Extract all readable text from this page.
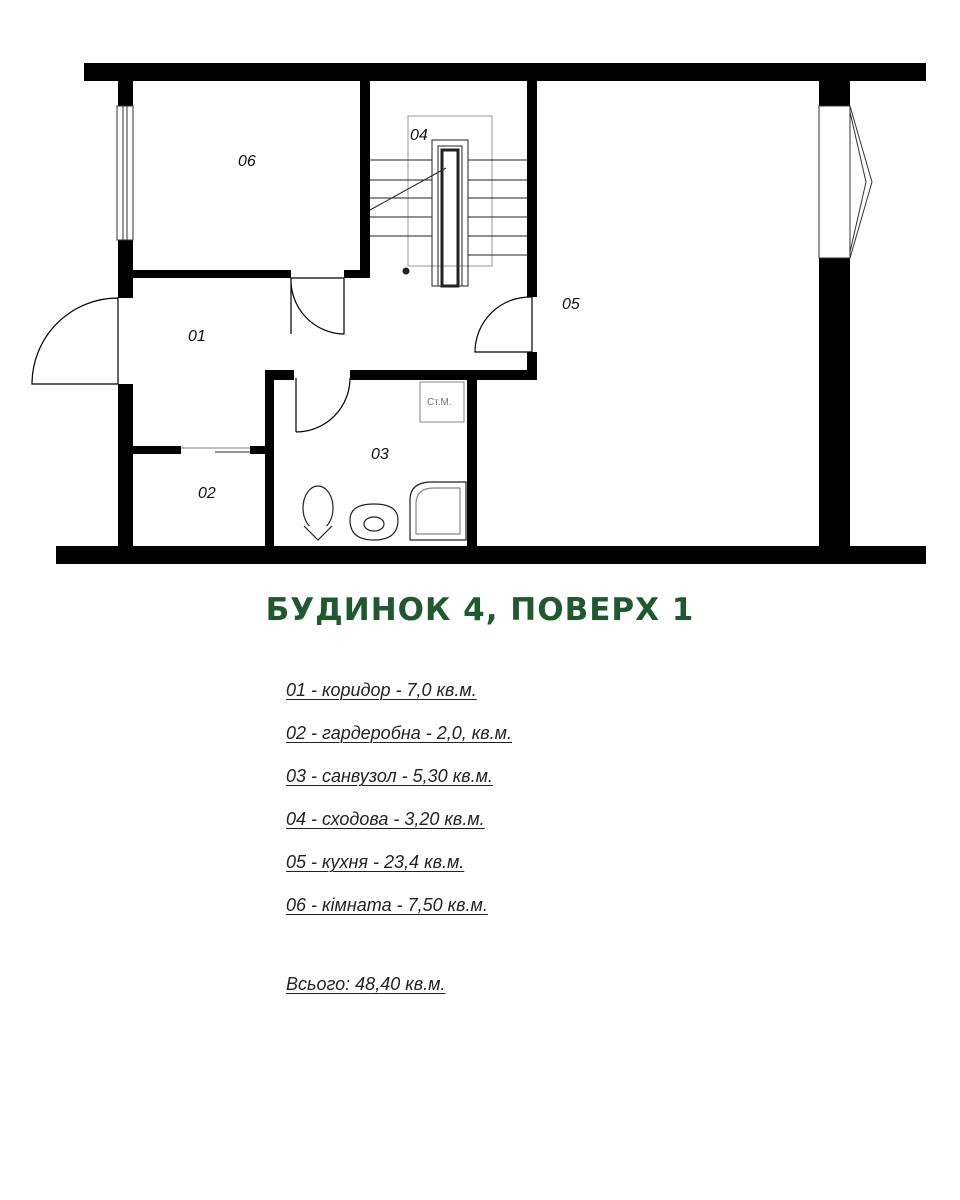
06
04
05
01
03
02
Ст.М.
БУДИНОК 4, ПОВЕРХ 1
01 - коридор - 7,0 кв.м.
02 - гардеробна - 2,0, кв.м.
03 - санвузол - 5,30 кв.м.
04 - сходова - 3,20 кв.м.
05 - кухня - 23,4 кв.м.
06 - кімната - 7,50 кв.м.

Всього: 48,40 кв.м.
